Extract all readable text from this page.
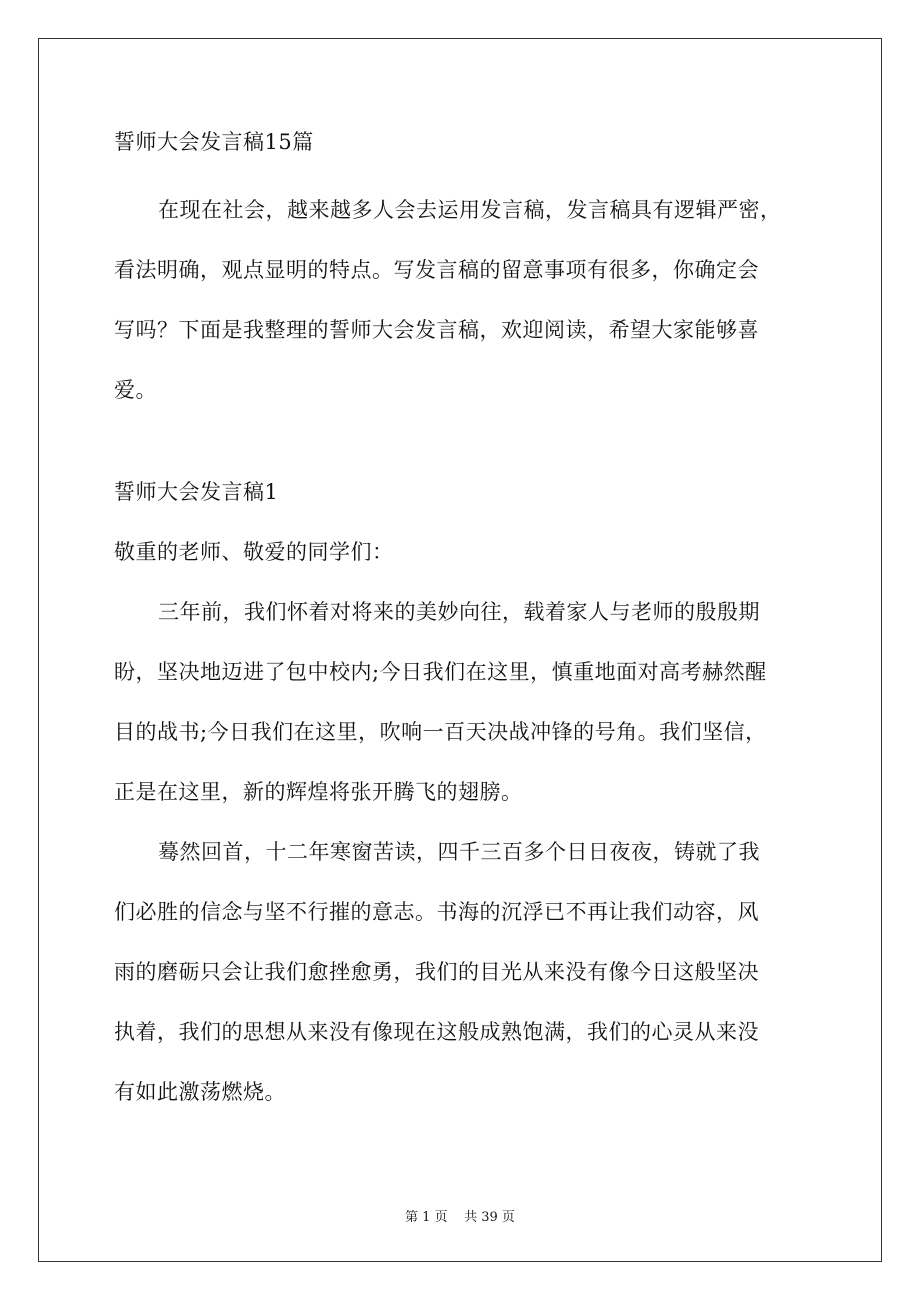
誓师大会发言稿15篇
在现在社会，越来越多人会去运用发言稿，发言稿具有逻辑严密，
看法明确，观点显明的特点。写发言稿的留意事项有很多，你确定会
写吗？下面是我整理的誓师大会发言稿，欢迎阅读，希望大家能够喜
爱。
誓师大会发言稿1
敬重的老师、敬爱的同学们：
三年前，我们怀着对将来的美妙向往，载着家人与老师的殷殷期
盼，坚决地迈进了包中校内;今日我们在这里，慎重地面对高考赫然醒
目的战书;今日我们在这里，吹响一百天决战冲锋的号角。我们坚信，
正是在这里，新的辉煌将张开腾飞的翅膀。
蓦然回首，十二年寒窗苦读，四千三百多个日日夜夜，铸就了我
们必胜的信念与坚不行摧的意志。书海的沉浮已不再让我们动容，风
雨的磨砺只会让我们愈挫愈勇，我们的目光从来没有像今日这般坚决
执着，我们的思想从来没有像现在这般成熟饱满，我们的心灵从来没
有如此激荡燃烧。
第 1 页 共 39 页
